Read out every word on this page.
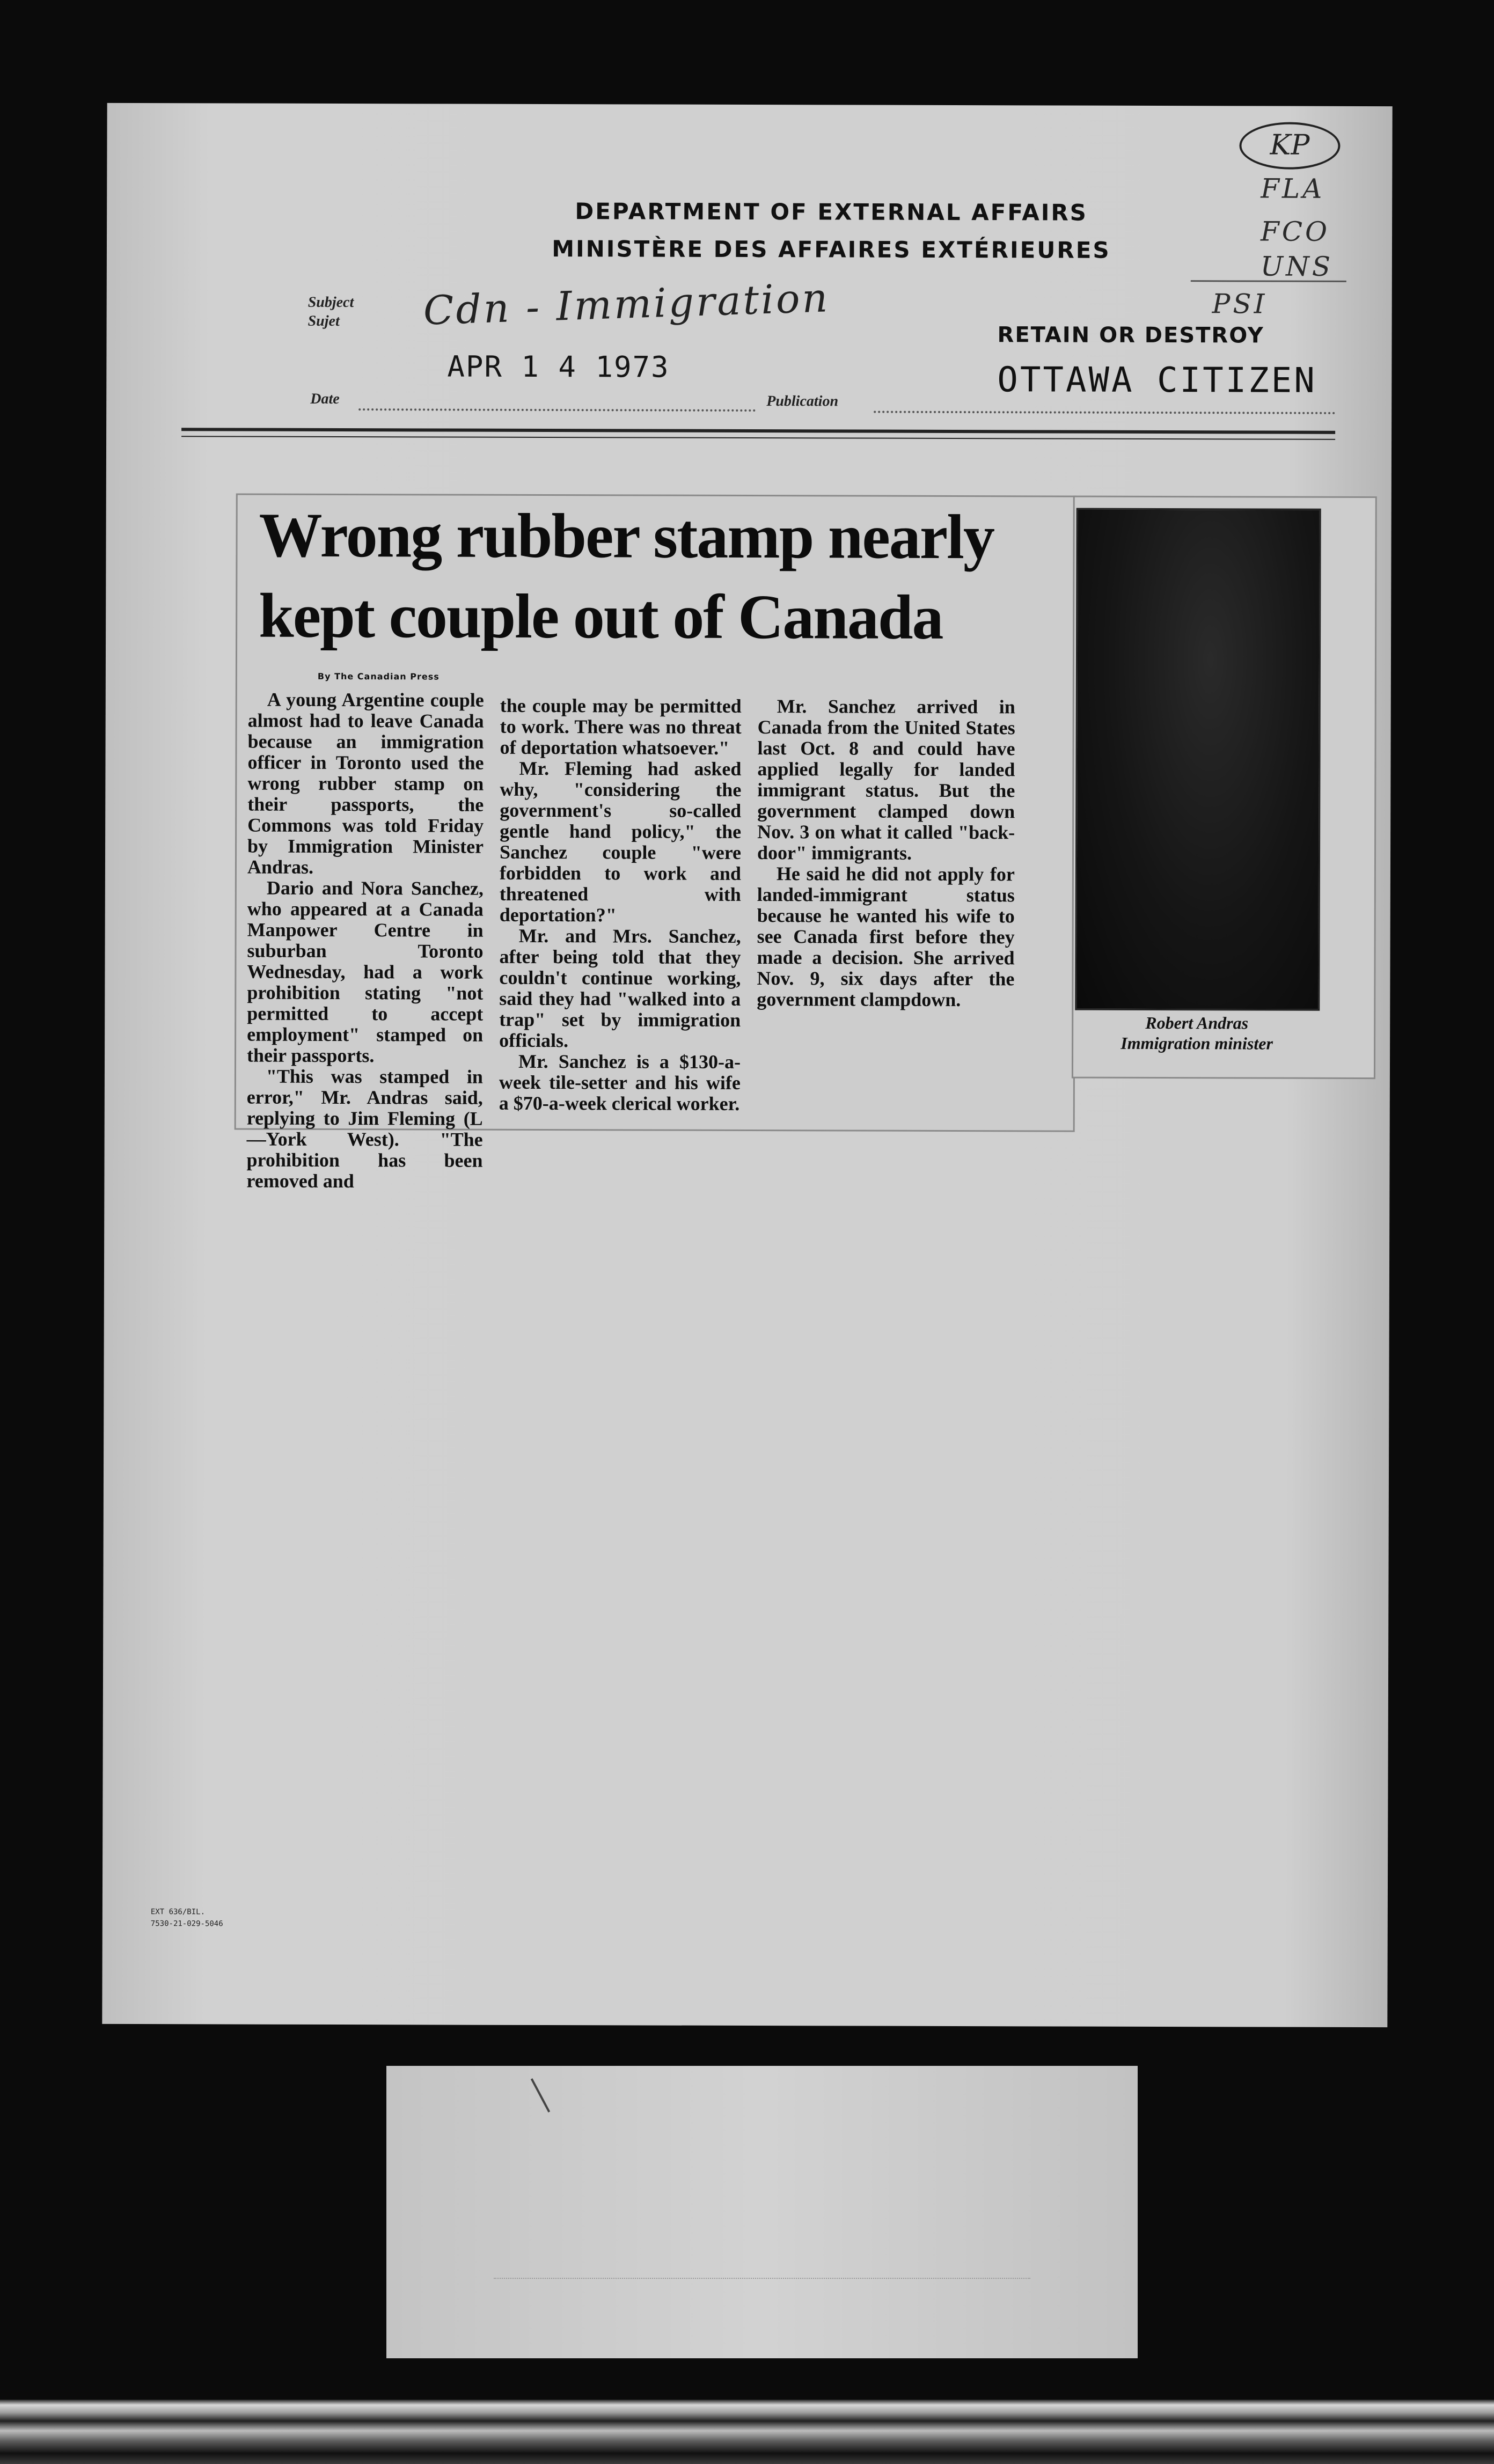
KP
FLA
FCO
UNS
PSI
DEPARTMENT OF EXTERNAL AFFAIRS
MINISTÈRE DES AFFAIRES EXTÉRIEURES
Subject
Sujet Cdn - Immigration
APR 1 4 1973
Date	Publication
RETAIN OR DESTROY
OTTAWA CITIZEN
Wrong rubber stamp nearly kept couple out of Canada
By The Canadian Press

A young Argentine couple almost had to leave Canada because an immigration officer in Toronto used the wrong rubber stamp on their passports, the Commons was told Friday by Immigration Minister Andras.

Dario and Nora Sanchez, who appeared at a Canada Manpower Centre in suburban Toronto Wednesday, had a work prohibition stating "not permitted to accept employment" stamped on their passports.

"This was stamped in error," Mr. Andras said, replying to Jim Fleming (L—York West). "The prohibition has been removed and

the couple may be permitted to work. There was no threat of deportation whatsoever."

Mr. Fleming had asked why, "considering the government's so-called gentle hand policy," the Sanchez couple "were forbidden to work and threatened with deportation?"

Mr. and Mrs. Sanchez, after being told that they couldn't continue working, said they had "walked into a trap" set by immigration officials.

Mr. Sanchez is a $130-a-week tile-setter and his wife a $70-a-week clerical worker.

Mr. Sanchez arrived in Canada from the United States last Oct. 8 and could have applied legally for landed immigrant status. But the government clamped down Nov. 3 on what it called "back-door" immigrants.

He said he did not apply for landed-immigrant status because he wanted his wife to see Canada first before they made a decision. She arrived Nov. 9, six days after the government clampdown.

Robert Andras
Immigration minister
EXT 636/BIL.
7530-21-029-5046
